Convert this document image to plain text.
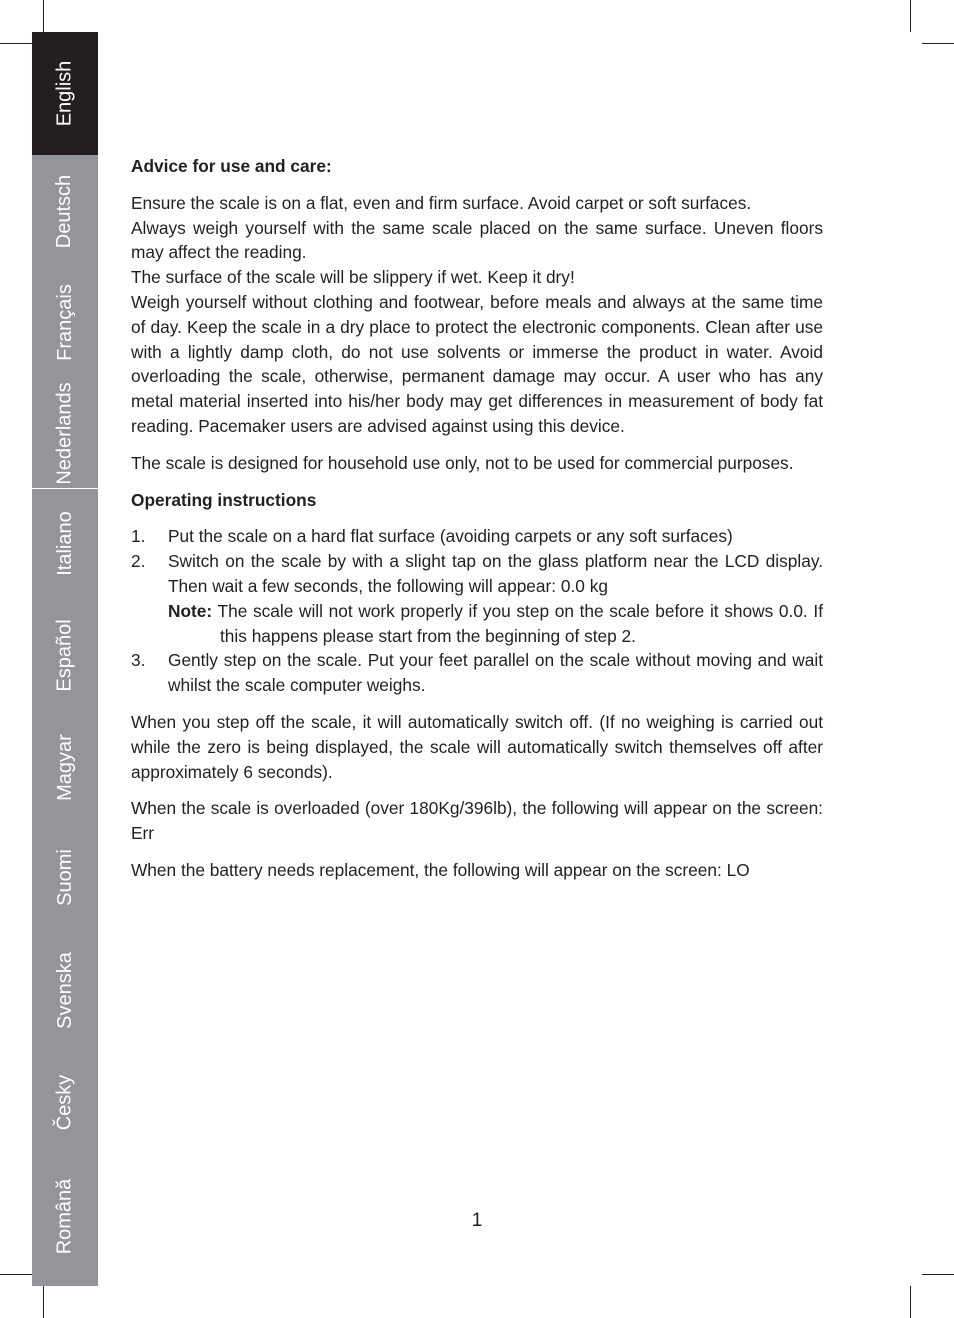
English
Deutsch
Français
Nederlands
Italiano
Español
Magyar
Suomi
Svenska
Česky
Română

Advice for use and care:

Ensure the scale is on a flat, even and firm surface. Avoid carpet or soft surfaces.

Always weigh yourself with the same scale placed on the same surface. Uneven floors may affect the reading.

The surface of the scale will be slippery if wet. Keep it dry!

Weigh yourself without clothing and footwear, before meals and always at the same time of day. Keep the scale in a dry place to protect the electronic components. Clean after use with a lightly damp cloth, do not use solvents or immerse the product in water. Avoid overloading the scale, otherwise, permanent damage may occur. A user who has any metal material inserted into his/her body may get differences in measurement of body fat reading. Pacemaker users are advised against using this device.

The scale is designed for household use only, not to be used for commercial purposes.

Operating instructions

1. Put the scale on a hard flat surface (avoiding carpets or any soft surfaces)
2. Switch on the scale by with a slight tap on the glass platform near the LCD display. Then wait a few seconds, the following will appear: 0.0 kg
Note: The scale will not work properly if you step on the scale before it shows 0.0. If this happens please start from the beginning of step 2.
3. Gently step on the scale. Put your feet parallel on the scale without moving and wait whilst the scale computer weighs.

When you step off the scale, it will automatically switch off. (If no weighing is carried out while the zero is being displayed, the scale will automatically switch themselves off after approximately 6 seconds).

When the scale is overloaded (over 180Kg/396lb), the following will appear on the screen: Err

When the battery needs replacement, the following will appear on the screen: LO

1
